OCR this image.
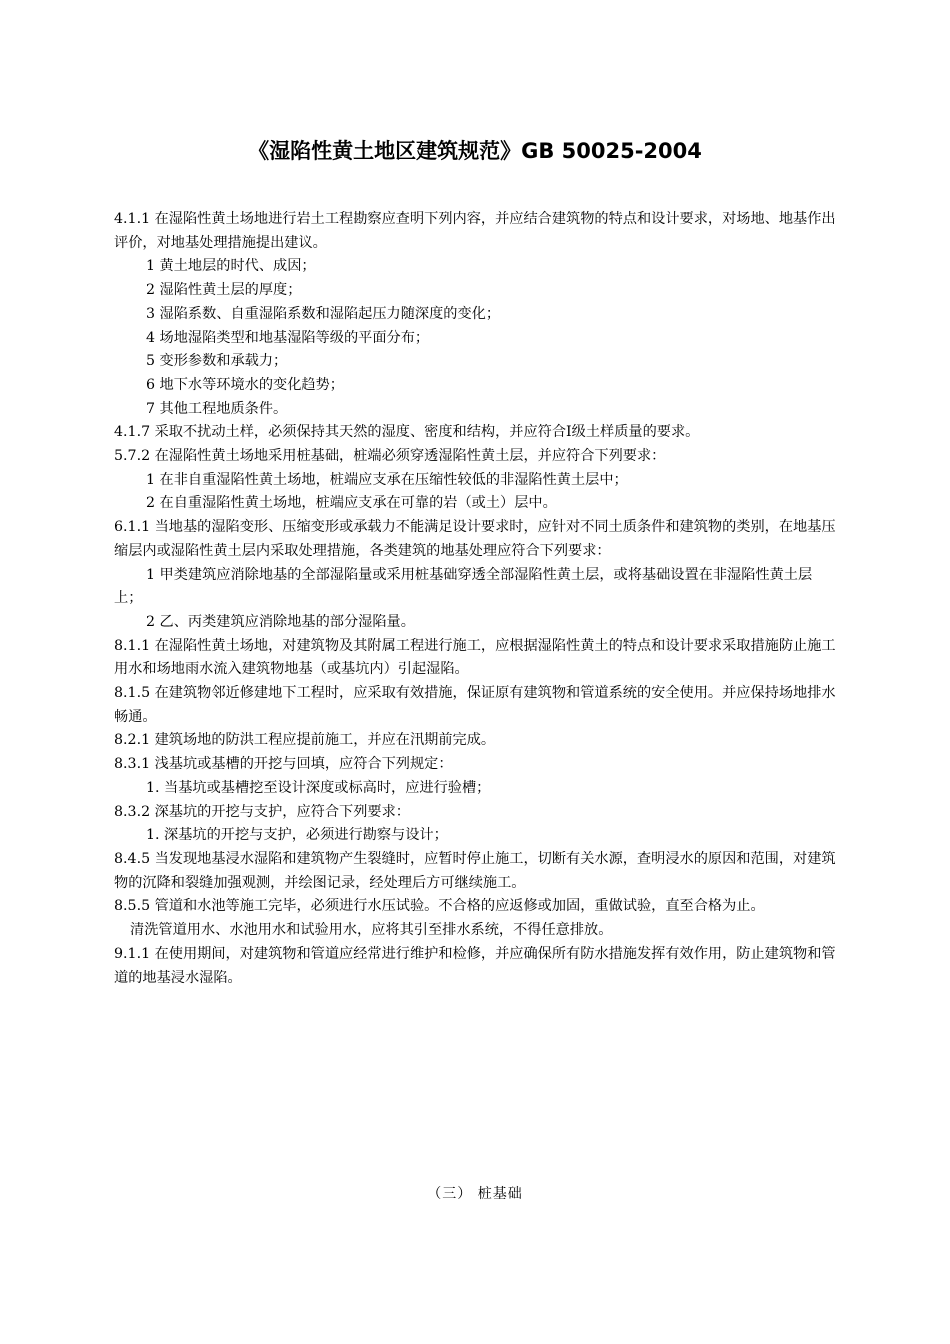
《湿陷性黄土地区建筑规范》GB 50025-2004

4.1.1 在湿陷性黄土场地进行岩土工程勘察应查明下列内容，并应结合建筑物的特点和设计要求，对场地、地基作出评价，对地基处理措施提出建议。

1 黄土地层的时代、成因；

2 湿陷性黄土层的厚度；

3 湿陷系数、自重湿陷系数和湿陷起压力随深度的变化；

4 场地湿陷类型和地基湿陷等级的平面分布；

5 变形参数和承载力；

6 地下水等环境水的变化趋势；

7 其他工程地质条件。

4.1.7 采取不扰动土样，必须保持其天然的湿度、密度和结构，并应符合Ⅰ级土样质量的要求。

5.7.2 在湿陷性黄土场地采用桩基础，桩端必须穿透湿陷性黄土层，并应符合下列要求：

1 在非自重湿陷性黄土场地，桩端应支承在压缩性较低的非湿陷性黄土层中；

2 在自重湿陷性黄土场地，桩端应支承在可靠的岩（或土）层中。

6.1.1 当地基的湿陷变形、压缩变形或承载力不能满足设计要求时，应针对不同土质条件和建筑物的类别，在地基压缩层内或湿陷性黄土层内采取处理措施，各类建筑的地基处理应符合下列要求：

1 甲类建筑应消除地基的全部湿陷量或采用桩基础穿透全部湿陷性黄土层，或将基础设置在非湿陷性黄土层上；

2 乙、丙类建筑应消除地基的部分湿陷量。

8.1.1 在湿陷性黄土场地，对建筑物及其附属工程进行施工，应根据湿陷性黄土的特点和设计要求采取措施防止施工用水和场地雨水流入建筑物地基（或基坑内）引起湿陷。

8.1.5 在建筑物邻近修建地下工程时，应采取有效措施，保证原有建筑物和管道系统的安全使用。并应保持场地排水畅通。

8.2.1 建筑场地的防洪工程应提前施工，并应在汛期前完成。

8.3.1 浅基坑或基槽的开挖与回填，应符合下列规定：

1. 当基坑或基槽挖至设计深度或标高时，应进行验槽；

8.3.2 深基坑的开挖与支护，应符合下列要求：

1. 深基坑的开挖与支护，必须进行勘察与设计；

8.4.5 当发现地基浸水湿陷和建筑物产生裂缝时，应暂时停止施工，切断有关水源，查明浸水的原因和范围，对建筑物的沉降和裂缝加强观测，并绘图记录，经处理后方可继续施工。

8.5.5 管道和水池等施工完毕，必须进行水压试验。不合格的应返修或加固，重做试验，直至合格为止。

清洗管道用水、水池用水和试验用水，应将其引至排水系统，不得任意排放。

9.1.1 在使用期间，对建筑物和管道应经常进行维护和检修，并应确保所有防水措施发挥有效作用，防止建筑物和管道的地基浸水湿陷。

（三） 桩基础
